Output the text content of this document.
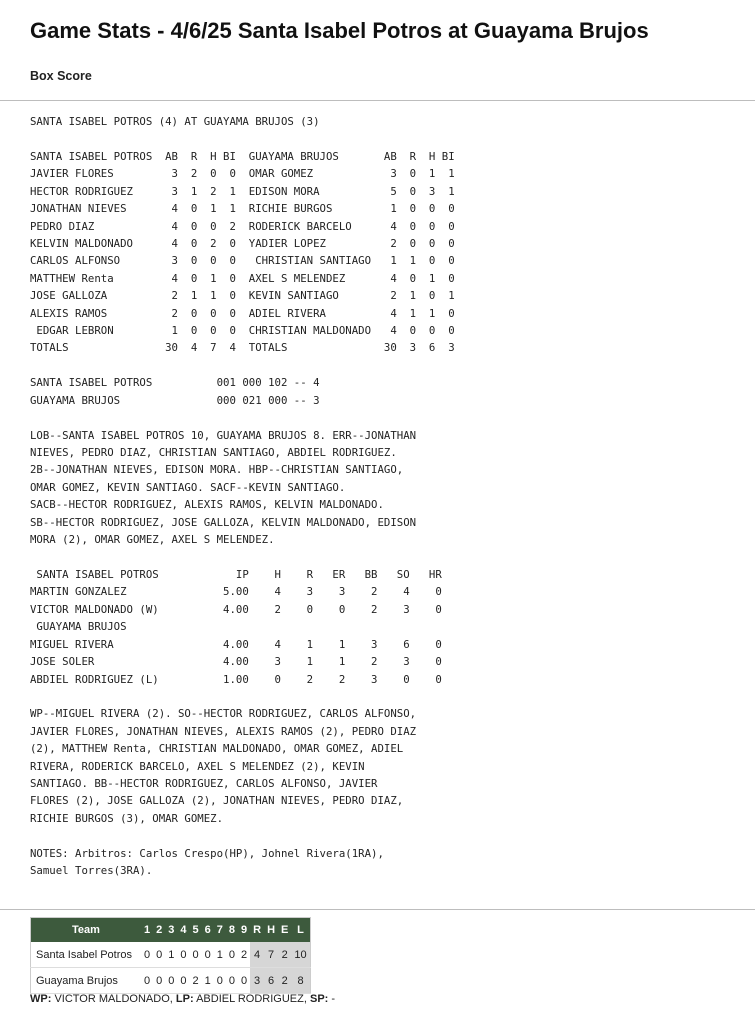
Game Stats - 4/6/25 Santa Isabel Potros at Guayama Brujos
Box Score
SANTA ISABEL POTROS (4) AT GUAYAMA BRUJOS (3)

SANTA ISABEL POTROS  AB  R  H BI  GUAYAMA BRUJOS       AB  R  H BI
JAVIER FLORES         3  2  0  0  OMAR GOMEZ            3  0  1  1
HECTOR RODRIGUEZ      3  1  2  1  EDISON MORA           5  0  3  1
JONATHAN NIEVES       4  0  1  1  RICHIE BURGOS         1  0  0  0
PEDRO DIAZ            4  0  0  2  RODERICK BARCELO      4  0  0  0
KELVIN MALDONADO      4  0  2  0  YADIER LOPEZ          2  0  0  0
CARLOS ALFONSO        3  0  0  0   CHRISTIAN SANTIAGO   1  1  0  0
MATTHEW Renta         4  0  1  0  AXEL S MELENDEZ       4  0  1  0
JOSE GALLOZA          2  1  1  0  KEVIN SANTIAGO        2  1  0  1
ALEXIS RAMOS          2  0  0  0  ADIEL RIVERA          4  1  1  0
EDGAR LEBRON         1  0  0  0  CHRISTIAN MALDONADO   4  0  0  0
TOTALS               30  4  7  4  TOTALS               30  3  6  3

SANTA ISABEL POTROS          001 000 102 -- 4
GUAYAMA BRUJOS               000 021 000 -- 3

LOB--SANTA ISABEL POTROS 10, GUAYAMA BRUJOS 8. ERR--JONATHAN
NIEVES, PEDRO DIAZ, CHRISTIAN SANTIAGO, ABDIEL RODRIGUEZ.
2B--JONATHAN NIEVES, EDISON MORA. HBP--CHRISTIAN SANTIAGO,
OMAR GOMEZ, KEVIN SANTIAGO. SACF--KEVIN SANTIAGO.
SACB--HECTOR RODRIGUEZ, ALEXIS RAMOS, KELVIN MALDONADO.
SB--HECTOR RODRIGUEZ, JOSE GALLOZA, KELVIN MALDONADO, EDISON
MORA (2), OMAR GOMEZ, AXEL S MELENDEZ.

SANTA ISABEL POTROS            IP    H    R   ER   BB   SO   HR
MARTIN GONZALEZ               5.00    4    3    3    2    4    0
VICTOR MALDONADO (W)          4.00    2    0    0    2    3    0
GUAYAMA BRUJOS
MIGUEL RIVERA                 4.00    4    1    1    3    6    0
JOSE SOLER                    4.00    3    1    1    2    3    0
ABDIEL RODRIGUEZ (L)          1.00    0    2    2    3    0    0

WP--MIGUEL RIVERA (2). SO--HECTOR RODRIGUEZ, CARLOS ALFONSO,
JAVIER FLORES, JONATHAN NIEVES, ALEXIS RAMOS (2), PEDRO DIAZ
(2), MATTHEW Renta, CHRISTIAN MALDONADO, OMAR GOMEZ, ADIEL
RIVERA, RODERICK BARCELO, AXEL S MELENDEZ (2), KEVIN
SANTIAGO. BB--HECTOR RODRIGUEZ, CARLOS ALFONSO, JAVIER
FLORES (2), JOSE GALLOZA (2), JONATHAN NIEVES, PEDRO DIAZ,
RICHIE BURGOS (3), OMAR GOMEZ.

NOTES: Arbitros: Carlos Crespo(HP), Johnel Rivera(1RA),
Samuel Torres(3RA).

Team	1	2	3	4	5	6	7	8	9	R	H	E	L
Santa Isabel Potros	0	0	1	0	0	0	1	0	2	4	7	2	10
Guayama Brujos	0	0	0	0	2	1	0	0	0	3	6	2	8
WP: VICTOR MALDONADO, LP: ABDIEL RODRIGUEZ, SP: -
